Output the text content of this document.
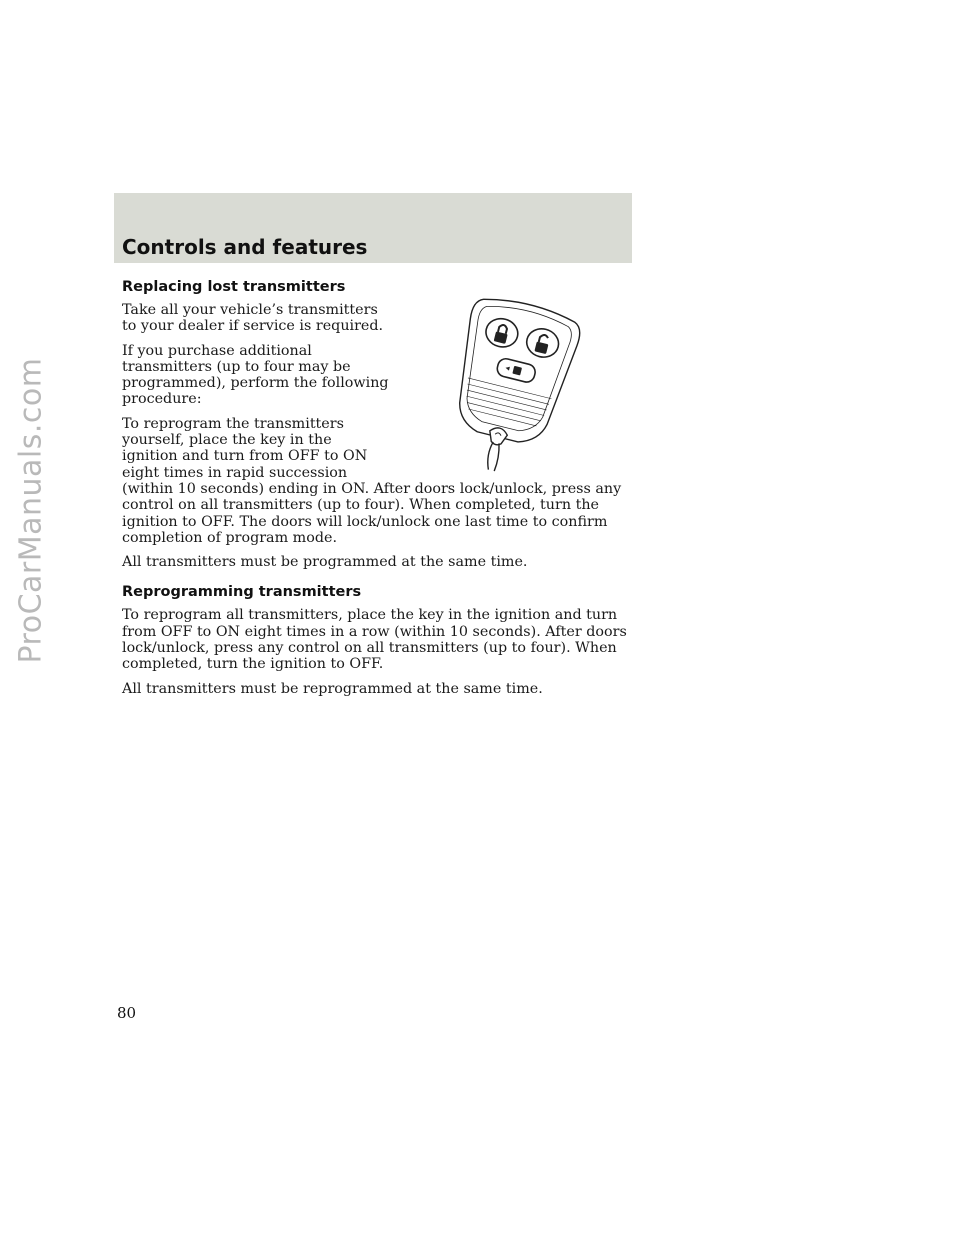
ProCarManuals.com
Controls and features
Replacing lost transmitters

Take all your vehicle’s transmitters to your dealer if service is required.

If you purchase additional transmitters (up to four may be programmed), perform the following procedure:

To reprogram the transmitters yourself, place the key in the ignition and turn from OFF to ON eight times in rapid succession

(within 10 seconds) ending in ON. After doors lock/unlock, press any control on all transmitters (up to four). When completed, turn the ignition to OFF. The doors will lock/unlock one last time to confirm completion of program mode.

All transmitters must be programmed at the same time.

Reprogramming transmitters

To reprogram all transmitters, place the key in the ignition and turn from OFF to ON eight times in a row (within 10 seconds). After doors lock/unlock, press any control on all transmitters (up to four). When completed, turn the ignition to OFF.

All transmitters must be reprogrammed at the same time.

80
